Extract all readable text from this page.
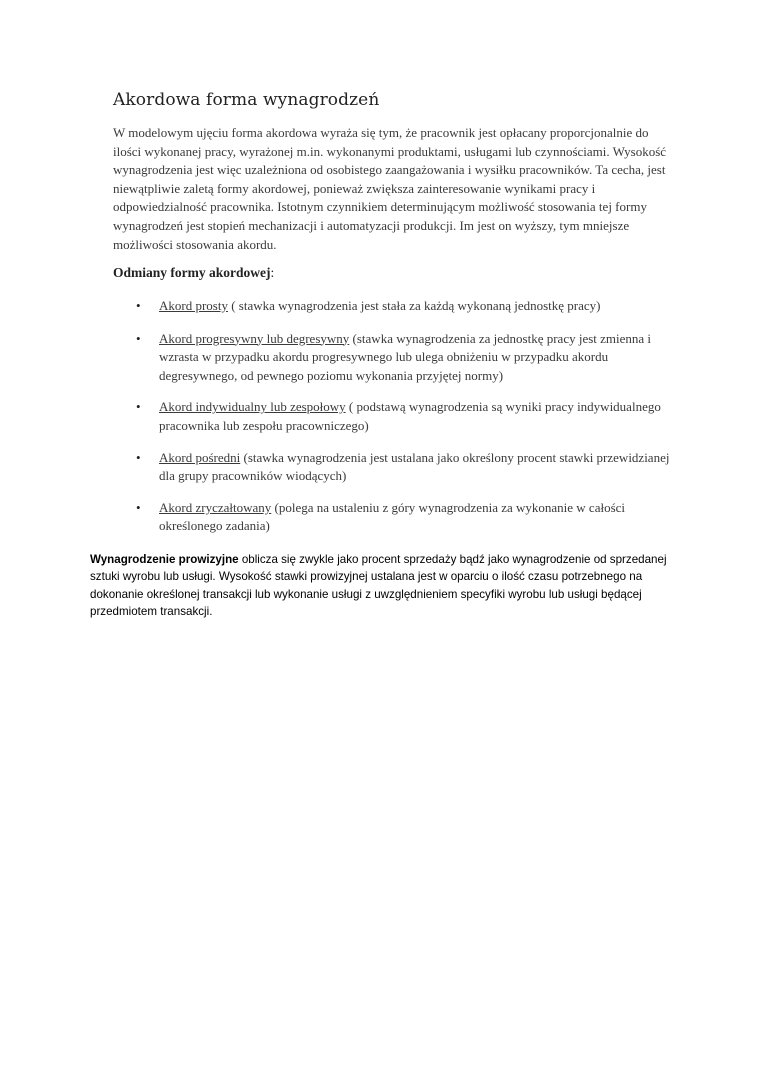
Akordowa forma wynagrodzeń

W modelowym ujęciu forma akordowa wyraża się tym, że pracownik jest opłacany proporcjonalnie do ilości wykonanej pracy, wyrażonej m.in. wykonanymi produktami, usługami lub czynnościami. Wysokość wynagrodzenia jest więc uzależniona od osobistego zaangażowania i wysiłku pracowników. Ta cecha, jest niewątpliwie zaletą formy akordowej, ponieważ zwiększa zainteresowanie wynikami pracy i odpowiedzialność pracownika. Istotnym czynnikiem determinującym możliwość stosowania tej formy wynagrodzeń jest stopień mechanizacji i automatyzacji produkcji. Im jest on wyższy, tym mniejsze możliwości stosowania akordu.

Odmiany formy akordowej:

• Akord prosty ( stawka wynagrodzenia jest stała za każdą wykonaną jednostkę pracy)
• Akord progresywny lub degresywny (stawka wynagrodzenia za jednostkę pracy jest zmienna i wzrasta w przypadku akordu progresywnego lub ulega obniżeniu w przypadku akordu degresywnego, od pewnego poziomu wykonania przyjętej normy)
• Akord indywidualny lub zespołowy ( podstawą wynagrodzenia są wyniki pracy indywidualnego pracownika lub zespołu pracowniczego)
• Akord pośredni (stawka wynagrodzenia jest ustalana jako określony procent stawki przewidzianej dla grupy pracowników wiodących)
• Akord zryczałtowany (polega na ustaleniu z góry wynagrodzenia za wykonanie w całości określonego zadania)

Wynagrodzenie prowizyjne oblicza się zwykle jako procent sprzedaży bądź jako wynagrodzenie od sprzedanej sztuki wyrobu lub usługi. Wysokość stawki prowizyjnej ustalana jest w oparciu o ilość czasu potrzebnego na dokonanie określonej transakcji lub wykonanie usługi z uwzględnieniem specyfiki wyrobu lub usługi będącej przedmiotem transakcji.
